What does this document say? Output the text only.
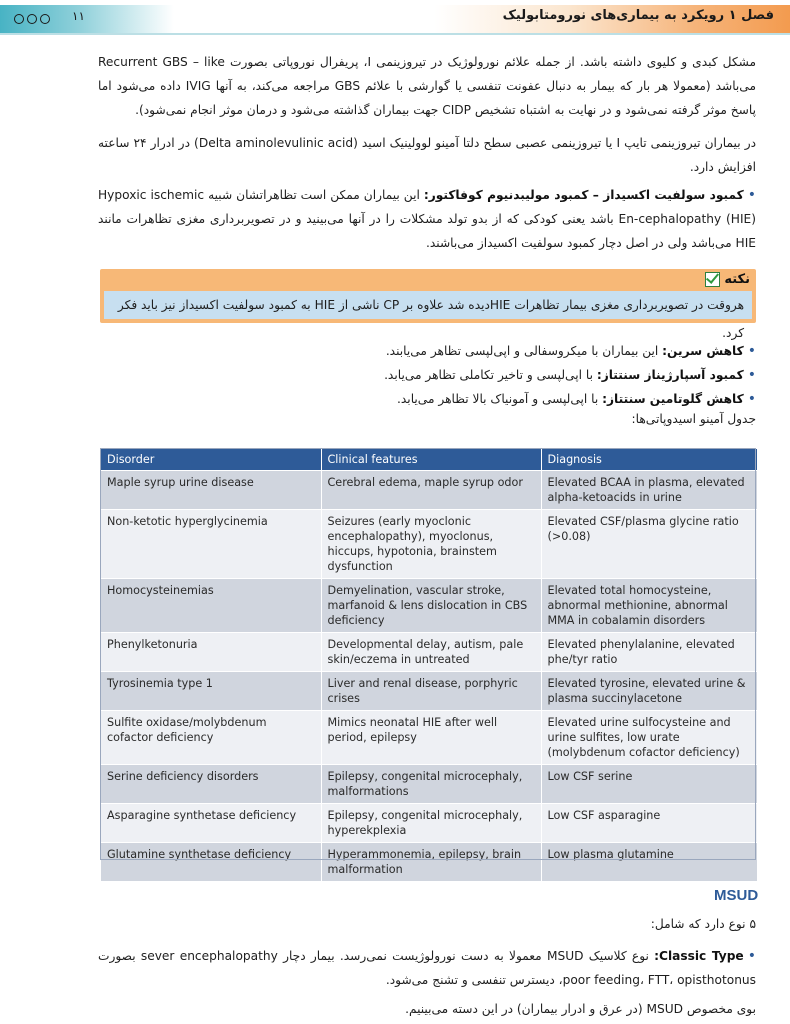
۱۱	فصل ۱ رویکرد به بیماری‌های نورومتابولیک

مشکل کبدی و کلیوی داشته باشد. از جمله علائم نورولوژیک در تیروزینمی I، پریفرال نوروپاتی بصورت Recurrent GBS – like می‌باشد (معمولا هر بار که بیمار به دنبال عفونت تنفسی یا گوارشی با علائم GBS مراجعه می‌کند، به آنها IVIG داده می‌شود اما پاسخ موثر گرفته نمی‌شود و در نهایت به اشتباه تشخیص CIDP جهت بیماران گذاشته می‌شود و درمان موثر انجام نمی‌شود).

در بیماران تیروزینمی تایپ I یا تیروزینمی عصبی سطح دلتا آمینو لوولینیک اسید (Delta aminolevulinic acid) در ادرار ۲۴ ساعته افزایش دارد.

• کمبود سولفیت اکسیداز – کمبود مولیبدنیوم کوفاکتور: این بیماران ممکن است تظاهراتشان شبیه Hypoxic ischemic En-cephalopathy (HIE) باشد یعنی کودکی که از بدو تولد مشکلات را در آنها می‌بینید و در تصویربرداری مغزی تظاهرات مانند HIE می‌باشد ولی در اصل دچار کمبود سولفیت اکسیداز می‌باشند.

نکته
هروقت در تصویربرداری مغزی بیمار تظاهرات HIEدیده شد علاوه بر CP ناشی از HIE به کمبود سولفیت اکسیداز نیز باید فکر کرد.

• کاهش سرین: این بیماران با میکروسفالی و اپی‌لپسی تظاهر می‌یابند.

• کمبود آسپارژیناز سنتتاز: با اپی‌لپسی و تاخیر تکاملی تظاهر می‌یابد.

• کاهش گلوتامین سنتتاز: با اپی‌لپسی و آمونیاک بالا تظاهر می‌یابد.

جدول آمینو اسیدوپاتی‌ها:
Disorder	Clinical features	Diagnosis
Maple syrup urine disease	Cerebral edema, maple syrup odor	Elevated BCAA in plasma, elevated alpha-ketoacids in urine
Non-ketotic hyperglycinemia	Seizures (early myoclonic encephalopathy), myoclonus, hiccups, hypotonia, brainstem dysfunction	Elevated CSF/plasma glycine ratio (>0.08)
Homocysteinemias	Demyelination, vascular stroke, marfanoid & lens dislocation in CBS deficiency	Elevated total homocysteine, abnormal methionine, abnormal MMA in cobalamin disorders
Phenylketonuria	Developmental delay, autism, pale skin/eczema in untreated	Elevated phenylalanine, elevated phe/tyr ratio
Tyrosinemia type 1	Liver and renal disease, porphyric crises	Elevated tyrosine, elevated urine & plasma succinylacetone
Sulfite oxidase/molybdenum cofactor deficiency	Mimics neonatal HIE after well period, epilepsy	Elevated urine sulfocysteine and urine sulfites, low urate (molybdenum cofactor deficiency)
Serine deficiency disorders	Epilepsy, congenital microcephaly, malformations	Low CSF serine
Asparagine synthetase deficiency	Epilepsy, congenital microcephaly, hyperekplexia	Low CSF asparagine
Glutamine synthetase deficiency	Hyperammonemia, epilepsy, brain malformation	Low plasma glutamine
MSUD

۵ نوع دارد که شامل:

• Classic Type: نوع کلاسیک MSUD معمولا به دست نورولوژیست نمی‌رسد. بیمار دچار sever encephalopathy بصورت poor feeding، FTT، opisthotonus، دیسترس تنفسی و تشنج می‌شود.

بوی مخصوص MSUD (در عرق و ادرار بیماران) در این دسته می‌بینیم.
